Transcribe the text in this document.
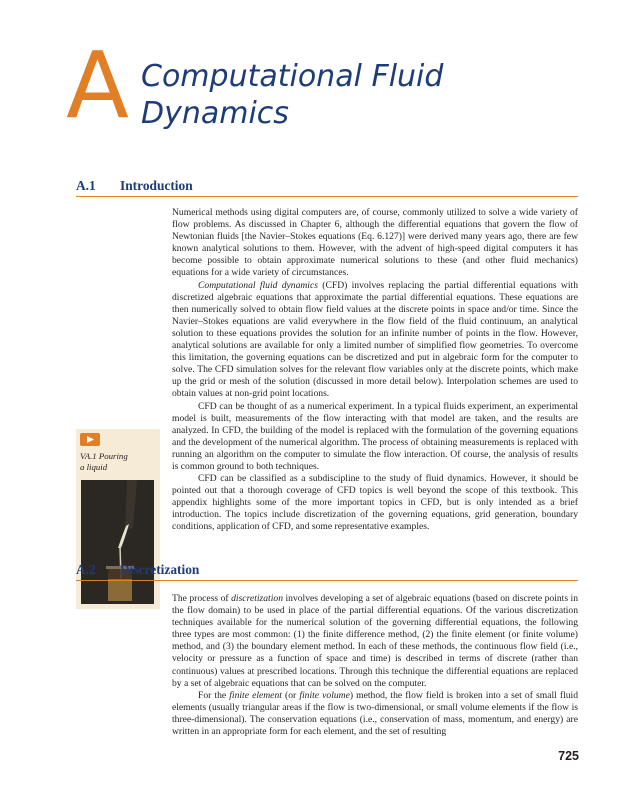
A Computational Fluid
Dynamics
A.1 Introduction

Numerical methods using digital computers are, of course, commonly utilized to solve a wide variety of flow problems. As discussed in Chapter 6, although the differential equations that govern the flow of Newtonian fluids [the Navier–Stokes equations (Eq. 6.127)] were derived many years ago, there are few known analytical solutions to them. However, with the advent of high-speed digital computers it has become possible to obtain approximate numerical solutions to these (and other fluid mechanics) equations for a wide variety of circumstances.

Computational fluid dynamics (CFD) involves replacing the partial differential equations with discretized algebraic equations that approximate the partial differential equations. These equations are then numerically solved to obtain flow field values at the discrete points in space and/or time. Since the Navier–Stokes equations are valid everywhere in the flow field of the fluid continuum, an analytical solution to these equations provides the solution for an infinite number of points in the flow. However, analytical solutions are available for only a limited number of simplified flow geometries. To overcome this limitation, the governing equations can be discretized and put in algebraic form for the computer to solve. The CFD simulation solves for the relevant flow variables only at the discrete points, which make up the grid or mesh of the solution (discussed in more detail below). Interpolation schemes are used to obtain values at non-grid point locations.

CFD can be thought of as a numerical experiment. In a typical fluids experiment, an experimental model is built, measurements of the flow interacting with that model are taken, and the results are analyzed. In CFD, the building of the model is replaced with the formulation of the governing equations and the development of the numerical algorithm. The process of obtaining measurements is replaced with running an algorithm on the computer to simulate the flow interaction. Of course, the analysis of results is common ground to both techniques.

CFD can be classified as a subdiscipline to the study of fluid dynamics. However, it should be pointed out that a thorough coverage of CFD topics is well beyond the scope of this textbook. This appendix highlights some of the more important topics in CFD, but is only intended as a brief introduction. The topics include discretization of the governing equations, grid generation, boundary conditions, application of CFD, and some representative examples.

VA.1 Pouring
a liquid
A.2 Discretization

The process of discretization involves developing a set of algebraic equations (based on discrete points in the flow domain) to be used in place of the partial differential equations. Of the various discretization techniques available for the numerical solution of the governing differential equations, the following three types are most common: (1) the finite difference method, (2) the finite element (or finite volume) method, and (3) the boundary element method. In each of these methods, the continuous flow field (i.e., velocity or pressure as a function of space and time) is described in terms of discrete (rather than continuous) values at prescribed locations. Through this technique the differential equations are replaced by a set of algebraic equations that can be solved on the computer.

For the finite element (or finite volume) method, the flow field is broken into a set of small fluid elements (usually triangular areas if the flow is two-dimensional, or small volume elements if the flow is three-dimensional). The conservation equations (i.e., conservation of mass, momentum, and energy) are written in an appropriate form for each element, and the set of resulting

725
